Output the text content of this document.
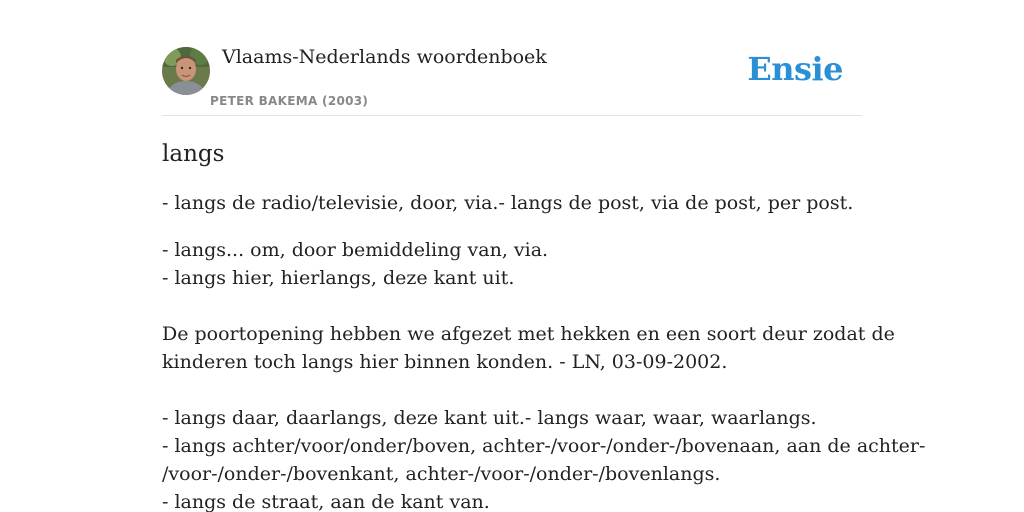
Vlaams-Nederlands woordenboek
PETER BAKEMA (2003)
Ensie
langs
- langs de radio/televisie, door, via.- langs de post, via de post, per post.
- langs... om, door bemiddeling van, via.
- langs hier, hierlangs, deze kant uit.
De poortopening hebben we afgezet met hekken en een soort deur zodat de
kinderen toch langs hier binnen konden. - LN, 03-09-2002.
- langs daar, daarlangs, deze kant uit.- langs waar, waar, waarlangs.
- langs achter/voor/onder/boven, achter-/voor-/onder-/bovenaan, aan de achter-
/voor-/onder-/bovenkant, achter-/voor-/onder-/bovenlangs.
- langs de straat, aan de kant van.
